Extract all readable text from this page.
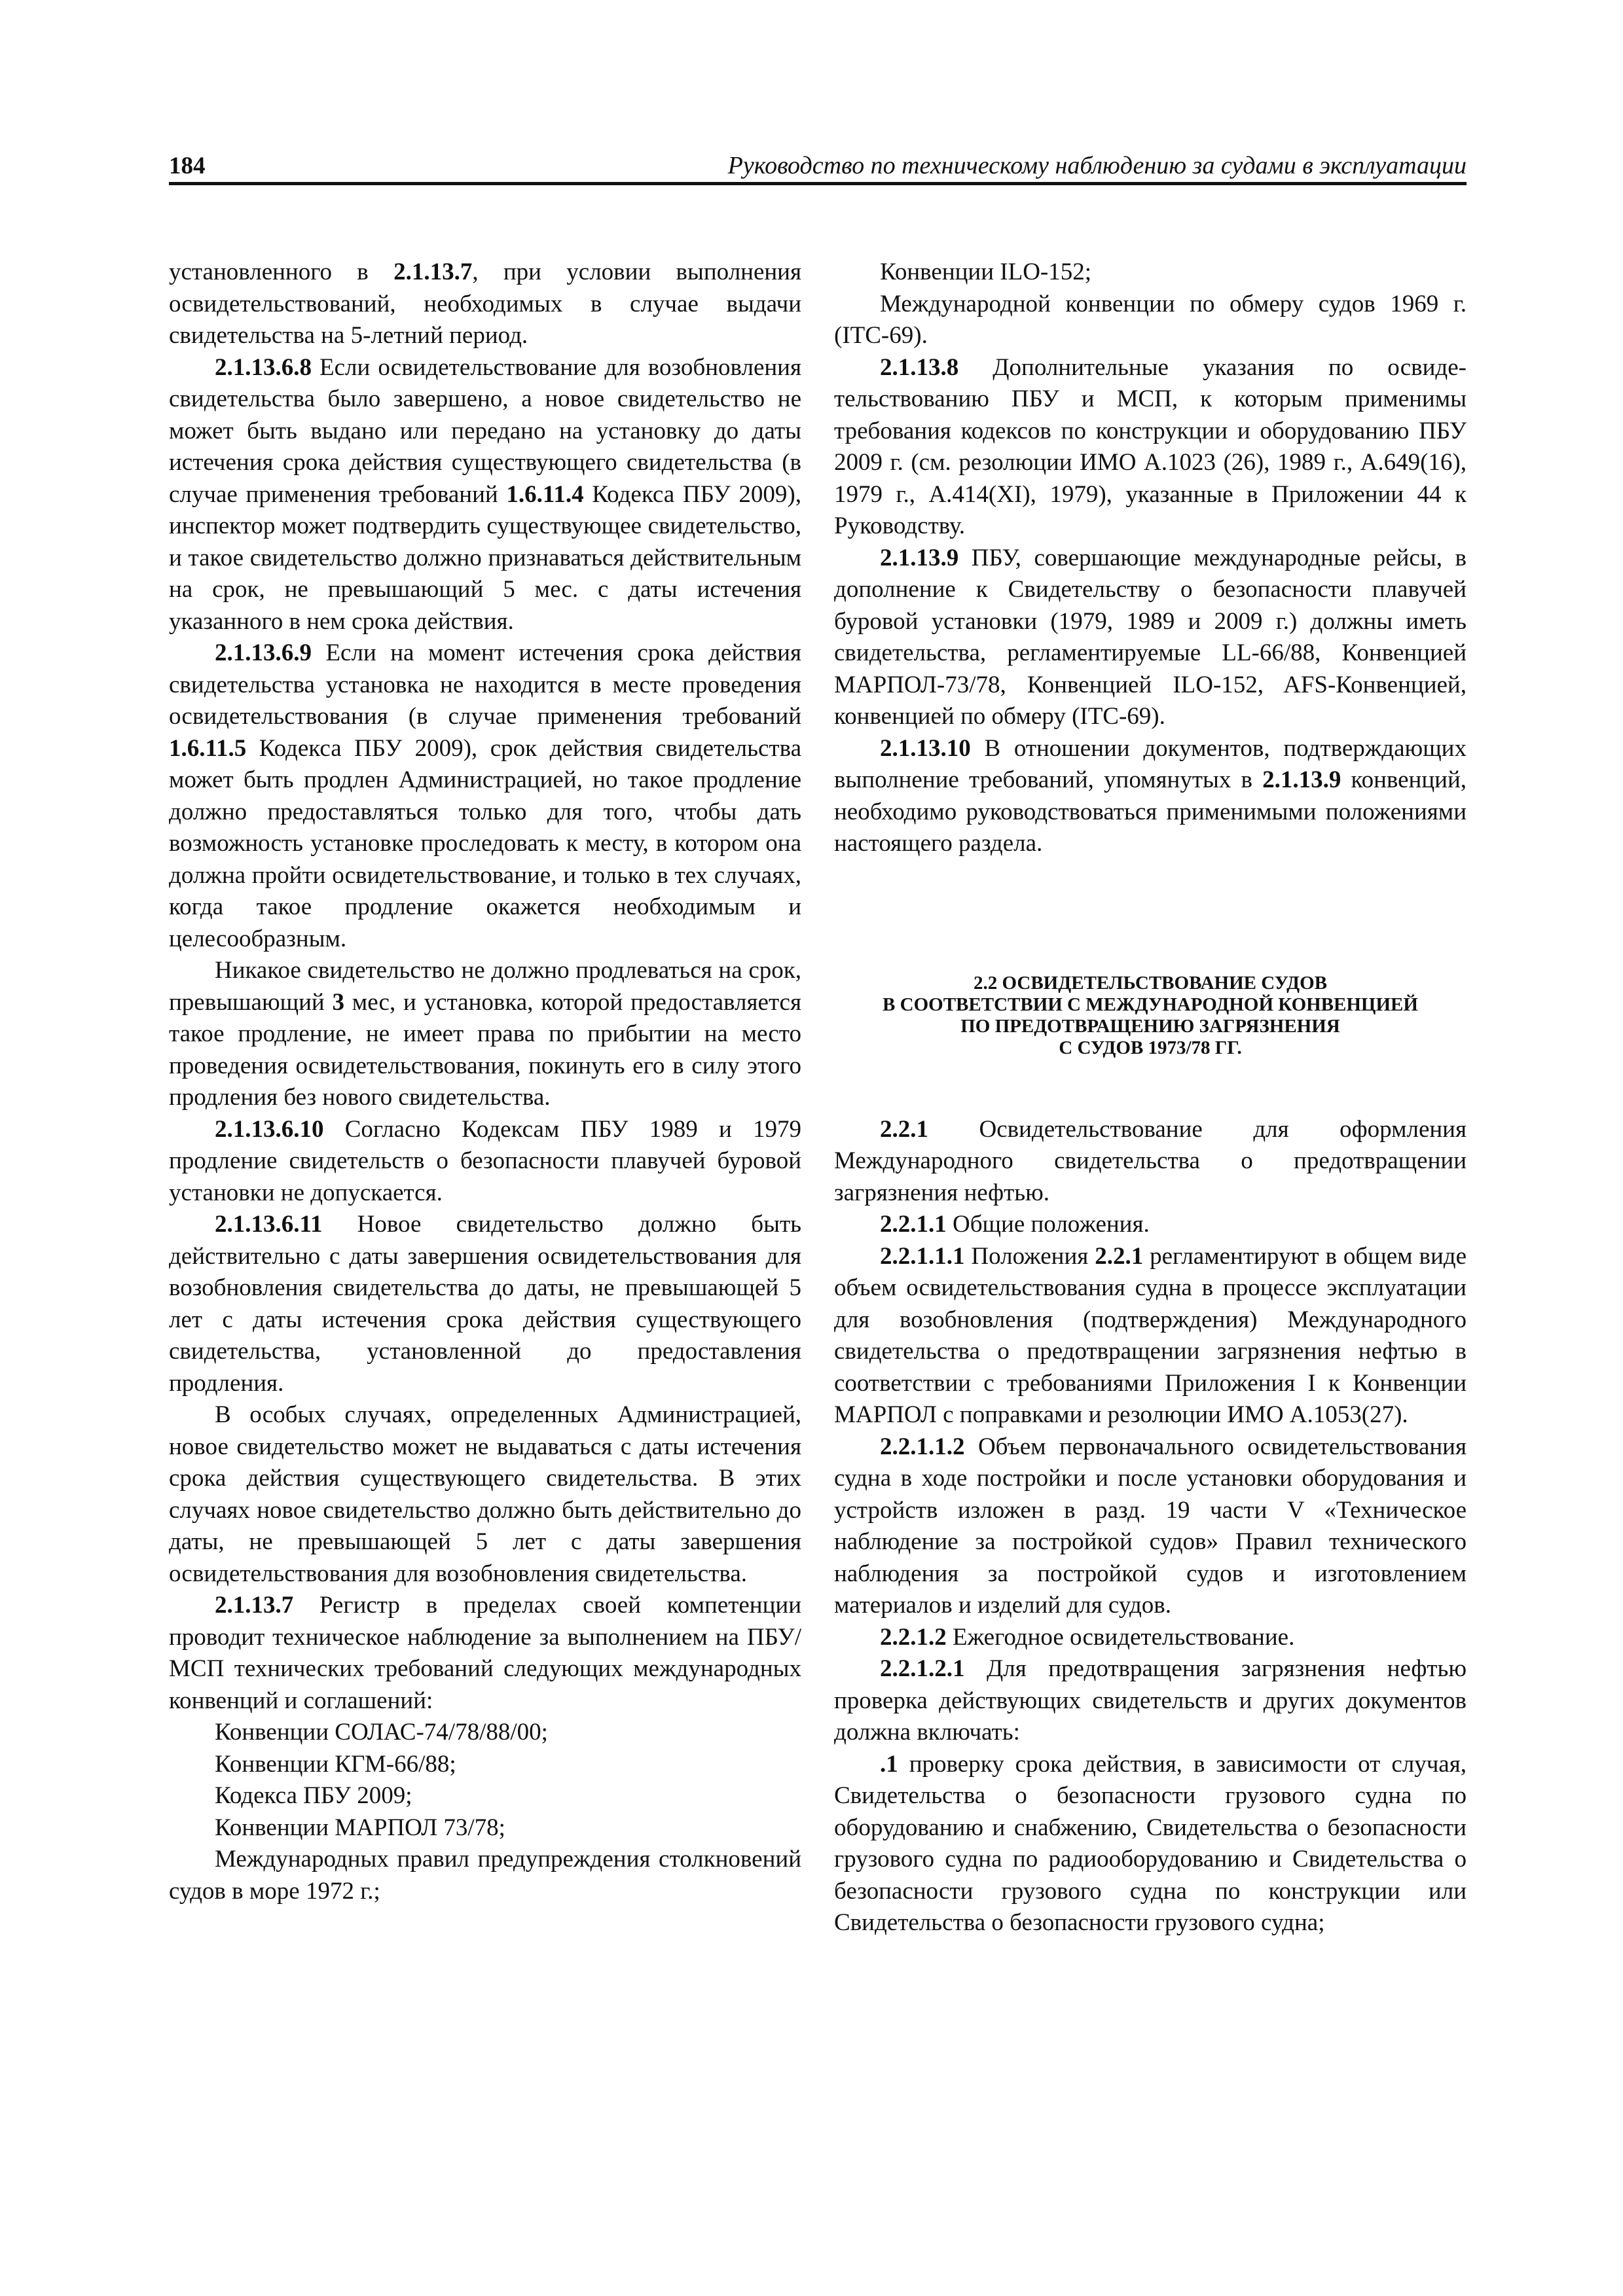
184	Руководство по техническому наблюдению за судами в эксплуатации

установленного в 2.1.13.7, при условии выполнения освидетельствований, необходимых в случае выдачи свидетельства на 5-летний период.

2.1.13.6.8 Если освидетельствование для возобновления свидетельства было завершено, а новое свидетельство не может быть выдано или передано на установку до даты истечения срока действия существующего свидетельства (в случае применения требований 1.6.11.4 Кодекса ПБУ 2009), инспектор может подтвердить существующее свидетельство, и такое свидетельство должно признаваться действительным на срок, не превышающий 5 мес. с даты истечения указанного в нем срока действия.

2.1.13.6.9 Если на момент истечения срока действия свидетельства установка не находится в месте проведения освидетельствования (в случае применения требований 1.6.11.5 Кодекса ПБУ 2009), срок действия свидетельства может быть продлен Администрацией, но такое продление должно предоставляться только для того, чтобы дать возможность установке проследовать к месту, в котором она должна пройти освидетельствование, и только в тех случаях, когда такое продление окажется необходимым и целесообразным.

Никакое свидетельство не должно продлеваться на срок, превышающий 3 мес, и установка, которой предоставляется такое продление, не имеет права по прибытии на место проведения освидетельствования, покинуть его в силу этого продления без нового свидетельства.

2.1.13.6.10 Согласно Кодексам ПБУ 1989 и 1979 продление свидетельств о безопасности плавучей буровой установки не допускается.

2.1.13.6.11 Новое свидетельство должно быть действительно с даты завершения освидетельствования для возобновления свидетельства до даты, не превышающей 5 лет с даты истечения срока действия существующего свидетельства, установленной до предоставления продления.

В особых случаях, определенных Администрацией, новое свидетельство может не выдаваться с даты истечения срока действия существующего свидетельства. В этих случаях новое свидетельство должно быть действительно до даты, не превышающей 5 лет с даты завершения освидетельствования для возобновления свидетельства.

2.1.13.7 Регистр в пределах своей компетенции проводит техническое наблюдение за выполнением на ПБУ/МСП технических требований следующих международных конвенций и соглашений:

Конвенции СОЛАС-74/78/88/00;

Конвенции КГМ-66/88;

Кодекса ПБУ 2009;

Конвенции МАРПОЛ 73/78;

Международных правил предупреждения столкновений судов в море 1972 г.;

Конвенции ILO-152;

Международной конвенции по обмеру судов 1969 г. (ITC-69).

2.1.13.8 Дополнительные указания по освидетельствованию ПБУ и МСП, к которым применимы требования кодексов по конструкции и оборудованию ПБУ 2009 г. (см. резолюции ИМО А.1023 (26), 1989 г., А.649(16), 1979 г., А.414(XI), 1979), указанные в Приложении 44 к Руководству.

2.1.13.9 ПБУ, совершающие международные рейсы, в дополнение к Свидетельству о безопасности плавучей буровой установки (1979, 1989 и 2009 г.) должны иметь свидетельства, регламентируемые LL-66/88, Конвенцией МАРПОЛ-73/78, Конвенцией ILO-152, AFS-Конвенцией, конвенцией по обмеру (ITC-69).

2.1.13.10 В отношении документов, подтверждающих выполнение требований, упомянутых в 2.1.13.9 конвенций, необходимо руководствоваться применимыми положениями настоящего раздела.

2.2 ОСВИДЕТЕЛЬСТВОВАНИЕ СУДОВ
В СООТВЕТСТВИИ С МЕЖДУНАРОДНОЙ КОНВЕНЦИЕЙ
ПО ПРЕДОТВРАЩЕНИЮ ЗАГРЯЗНЕНИЯ
С СУДОВ 1973/78 ГГ.

2.2.1 Освидетельствование для оформления Международного свидетельства о предотвращении загрязнения нефтью.

2.2.1.1 Общие положения.

2.2.1.1.1 Положения 2.2.1 регламентируют в общем виде объем освидетельствования судна в процессе эксплуатации для возобновления (подтверждения) Международного свидетельства о предотвращении загрязнения нефтью в соответствии с требованиями Приложения I к Конвенции МАРПОЛ с поправками и резолюции ИМО А.1053(27).

2.2.1.1.2 Объем первоначального освидетельствования судна в ходе постройки и после установки оборудования и устройств изложен в разд. 19 части V «Техническое наблюдение за постройкой судов» Правил технического наблюдения за постройкой судов и изготовлением материалов и изделий для судов.

2.2.1.2 Ежегодное освидетельствование.

2.2.1.2.1 Для предотвращения загрязнения нефтью проверка действующих свидетельств и других документов должна включать:

.1 проверку срока действия, в зависимости от случая, Свидетельства о безопасности грузового судна по оборудованию и снабжению, Свидетельства о безопасности грузового судна по радиооборудованию и Свидетельства о безопасности грузового судна по конструкции или Свидетельства о безопасности грузового судна;
